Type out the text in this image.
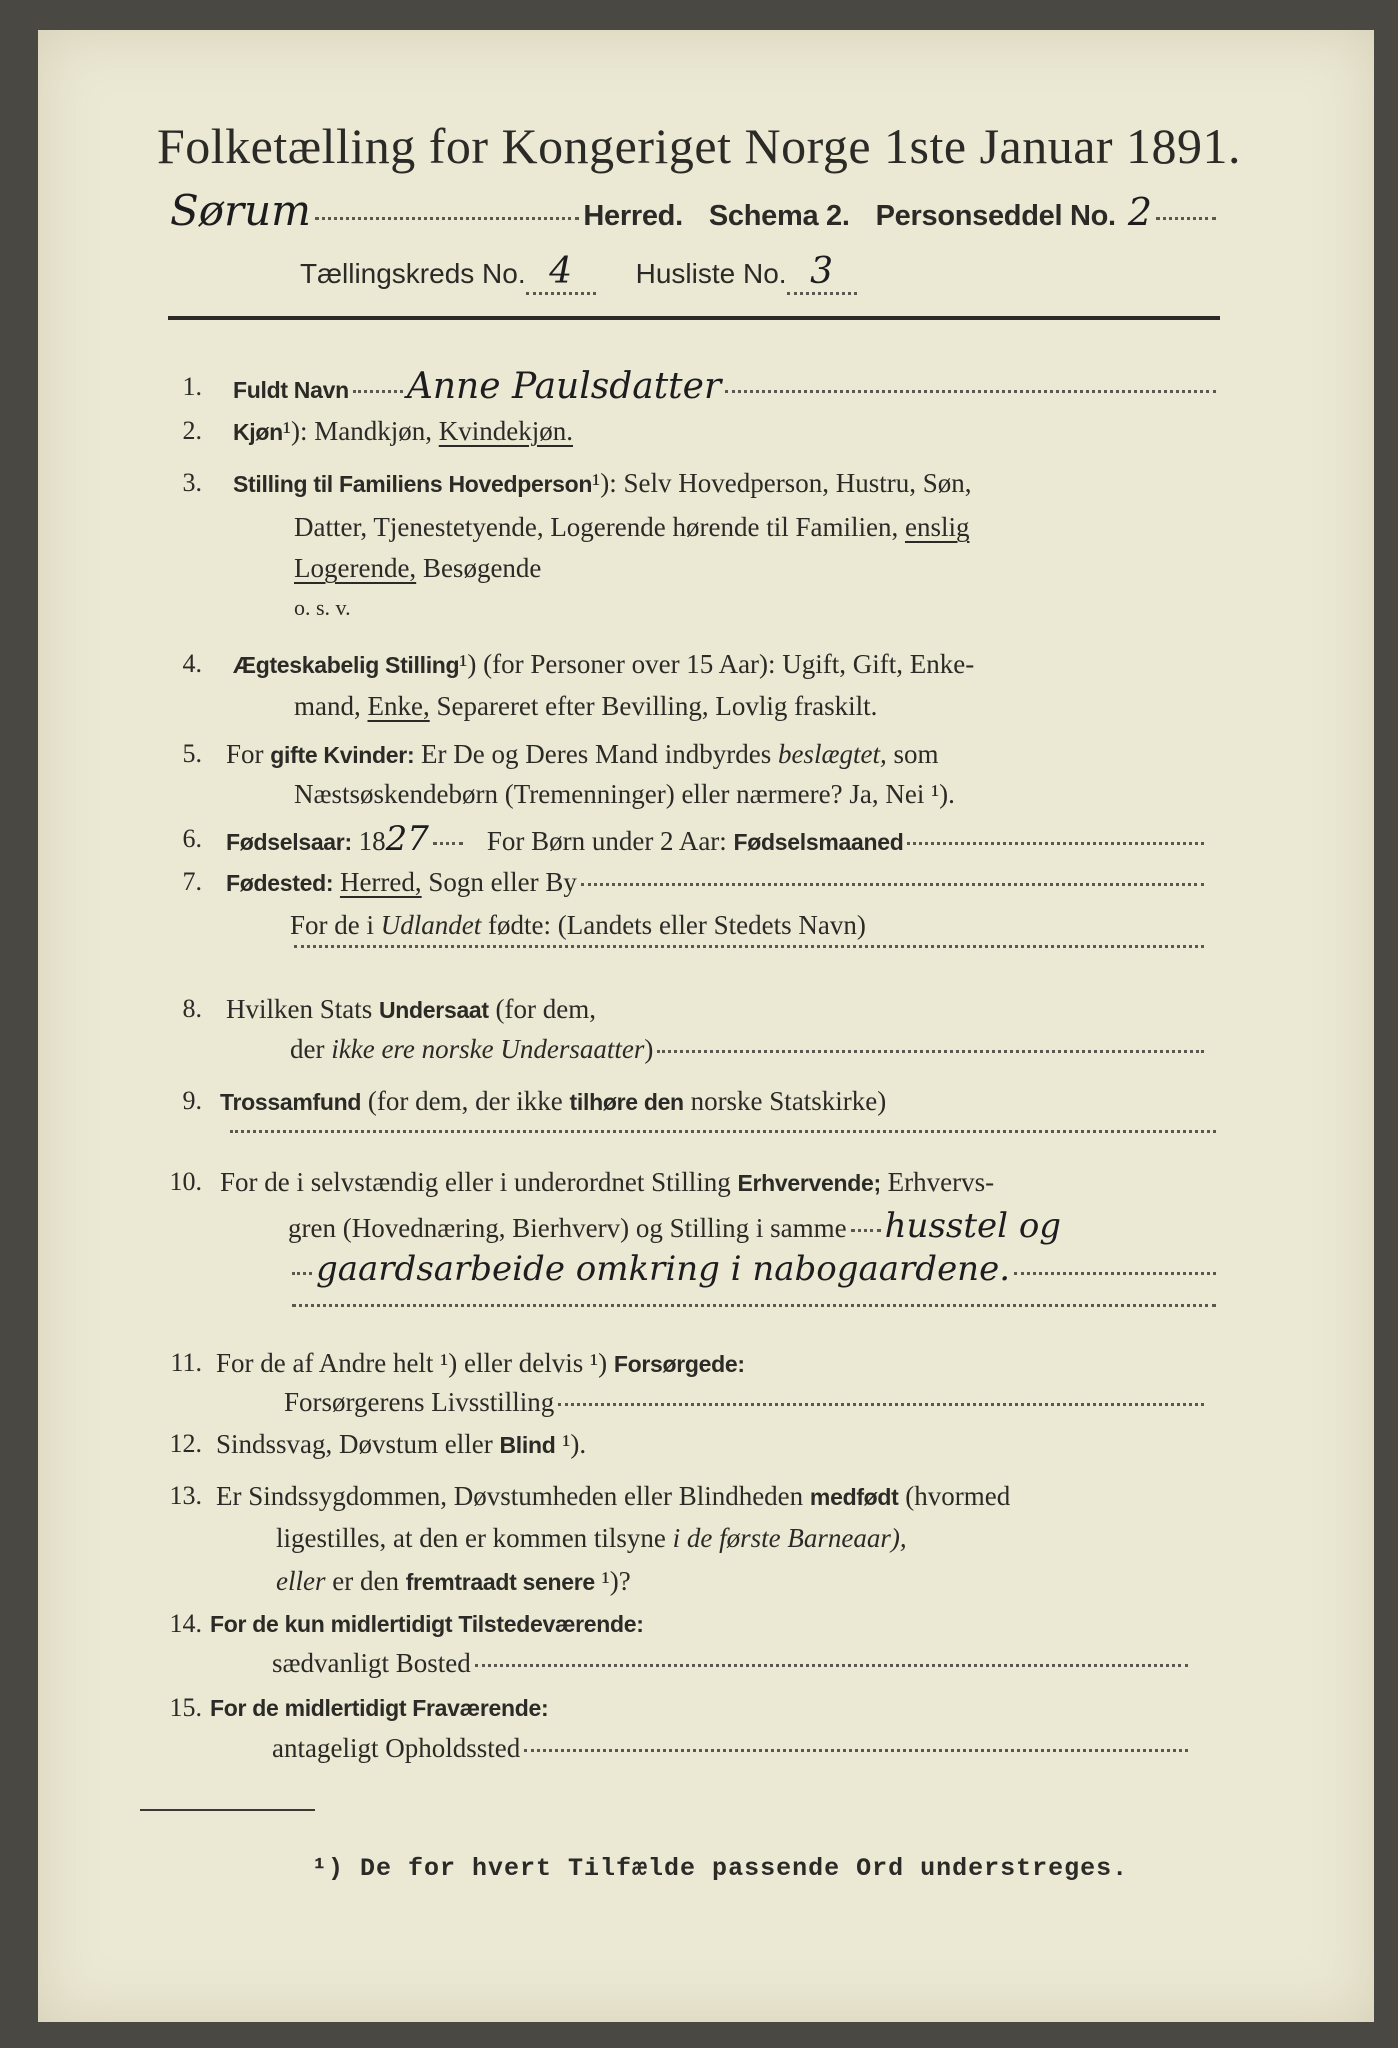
Folketælling for Kongeriget Norge 1ste Januar 1891.
Sørum	Herred. Schema 2. Personseddel No. 2
Tællingskreds No. 4	Husliste No. 3
1. Fuldt Navn Anne Paulsdatter
2. Kjøn ¹): Mandkjøn, Kvindekjøn.
3. Stilling til Familiens Hovedperson ¹): Selv Hovedperson, Hustru, Søn,
Datter, Tjenestetyende, Logerende hørende til Familien, enslig
Logerende, Besøgende
o. s. v.
4. Ægteskabelig Stilling ¹) (for Personer over 15 Aar): Ugift, Gift, Enke-
mand, Enke, Separeret efter Bevilling, Lovlig fraskilt.
5. For gifte Kvinder: Er De og Deres Mand indbyrdes beslægtet, som
Næstsøskendebørn (Tremenninger) eller nærmere? Ja, Nei ¹).
6. Fødselsaar: 18 27 For Børn under 2 Aar: Fødselsmaaned
7. Fødested:
Herred, Sogn eller By
For de i Udlandet fødte: (Landets eller Stedets Navn)
8. Hvilken Stats Undersaat (for dem,
der ikke ere norske Undersaatter )
9. Trossamfund (for dem, der ikke tilhøre den norske Statskirke)
10. For de i selvstændig eller i underordnet Stilling Erhvervende; Erhvervs-
gren (Hovednæring, Bierhverv) og Stilling i samme husstel og
gaardsarbeide omkring i nabogaardene.
11. For de af Andre helt ¹) eller delvis ¹) Forsørgede:
Forsørgerens Livsstilling
12. Sindssvag, Døvstum eller Blind ¹).
13. Er Sindssygdommen, Døvstumheden eller Blindheden medfødt (hvormed
ligestilles, at den er kommen tilsyne i de første Barneaar),
eller er den fremtraadt senere ¹)?
14. For de kun midlertidigt Tilstedeværende:
sædvanligt Bosted
15. For de midlertidigt Fraværende:
antageligt Opholdssted
¹) De for hvert Tilfælde passende Ord understreges.
